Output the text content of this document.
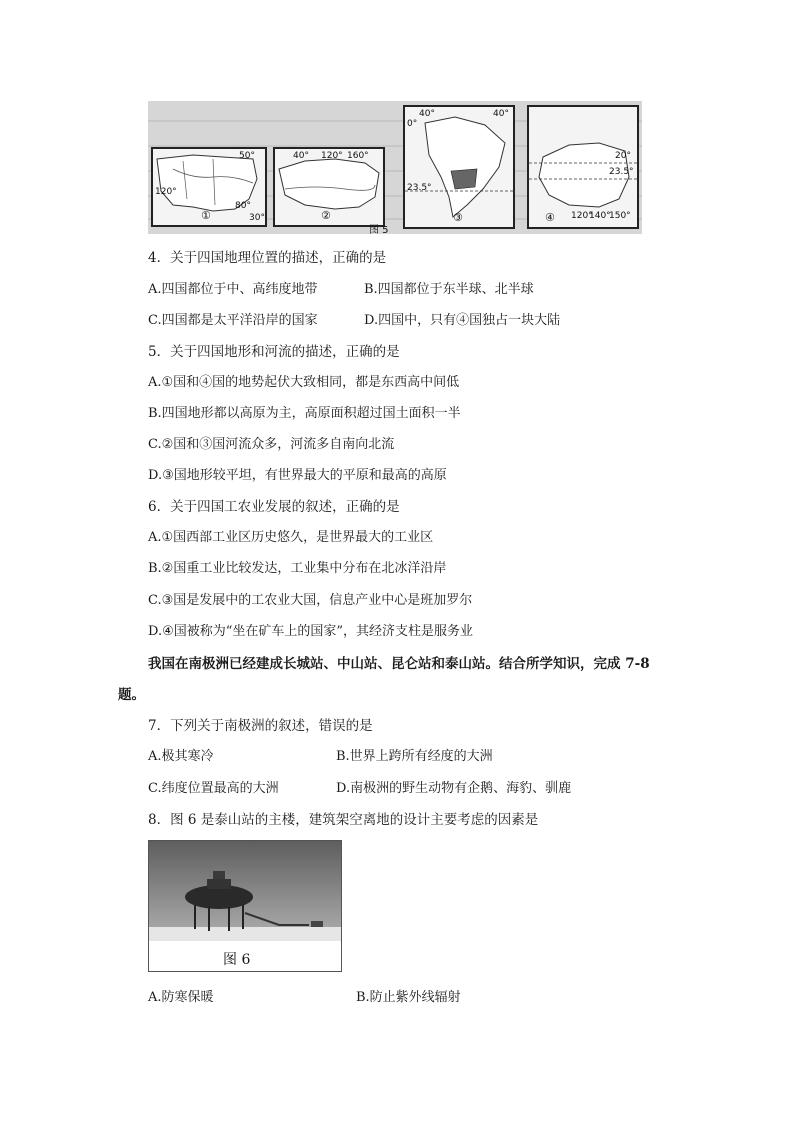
50°
120°
80°
30°
①
40° 120° 160°
②
40°	40°
0°
23.5°
③
20°
23.5°
120°
140°
150°
④
图 5
4．关于四国地理位置的描述，正确的是
A.四国都位于中、高纬度地带	B.四国都位于东半球、北半球
C.四国都是太平洋沿岸的国家	D.四国中，只有④国独占一块大陆
5．关于四国地形和河流的描述，正确的是
A.①国和④国的地势起伏大致相同，都是东西高中间低
B.四国地形都以高原为主，高原面积超过国土面积一半
C.②国和③国河流众多，河流多自南向北流
D.③国地形较平坦，有世界最大的平原和最高的高原
6．关于四国工农业发展的叙述，正确的是
A.①国西部工业区历史悠久，是世界最大的工业区
B.②国重工业比较发达，工业集中分布在北冰洋沿岸
C.③国是发展中的工农业大国，信息产业中心是班加罗尔
D.④国被称为“坐在矿车上的国家”，其经济支柱是服务业
我国在南极洲已经建成长城站、中山站、昆仑站和泰山站。结合所学知识，完成 7-8
题。
7．下列关于南极洲的叙述，错误的是
A.极其寒冷	B.世界上跨所有经度的大洲
C.纬度位置最高的大洲	D.南极洲的野生动物有企鹅、海豹、驯鹿
8．图 6 是泰山站的主楼，建筑架空离地的设计主要考虑的因素是
图 6
A.防寒保暖	B.防止紫外线辐射
